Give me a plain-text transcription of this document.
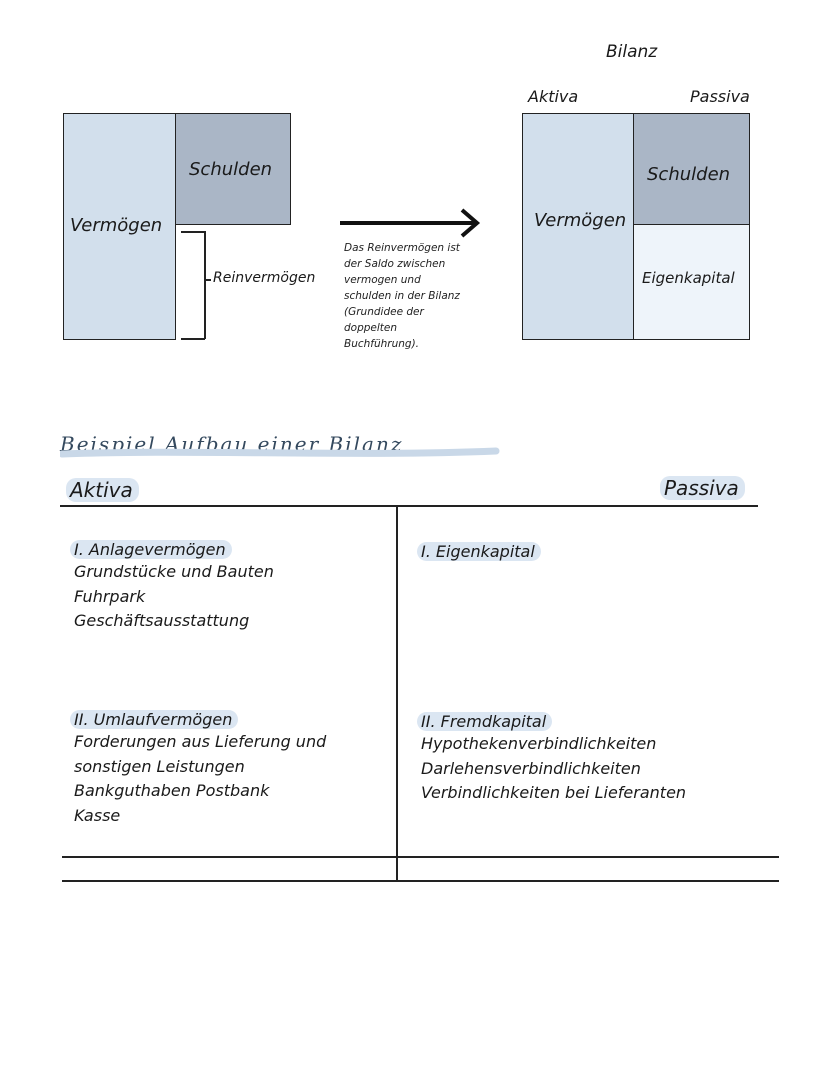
Vermögen
Schulden
Reinvermögen
Das Reinvermögen ist
der Saldo zwischen
vermogen und
schulden in der Bilanz
(Grundidee der
doppelten
Buchführung).
Bilanz
Aktiva	Passiva
Vermögen
Schulden
Eigenkapital
Beispiel Aufbau einer Bilanz
Aktiva	Passiva
I. Anlagevermögen
Grundstücke und Bauten
Fuhrpark
Geschäftsausstattung
II. Umlaufvermögen
Forderungen aus Lieferung und
sonstigen Leistungen
Bankguthaben Postbank
Kasse
I. Eigenkapital
II. Fremdkapital
Hypothekenverbindlichkeiten
Darlehensverbindlichkeiten
Verbindlichkeiten bei Lieferanten
